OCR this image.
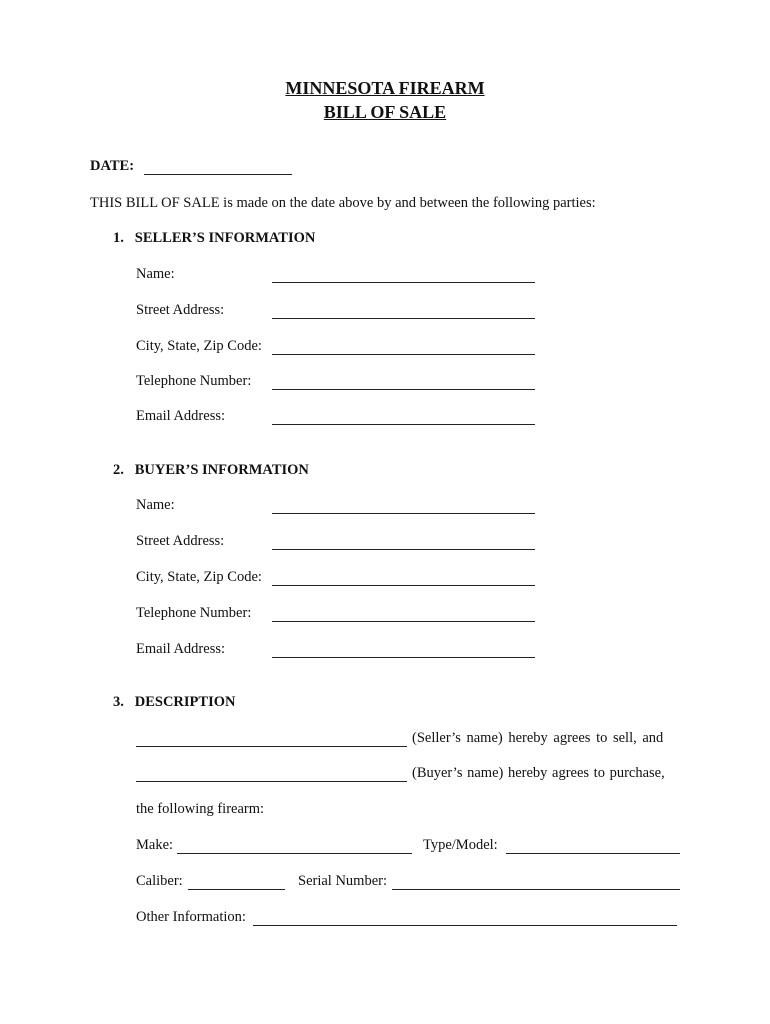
MINNESOTA FIREARM
BILL OF SALE
DATE:
THIS BILL OF SALE is made on the date above by and between the following parties:
1.   SELLER’S INFORMATION
Name:
Street Address:
City, State, Zip Code:
Telephone Number:
Email Address:
2.   BUYER’S INFORMATION
Name:
Street Address:
City, State, Zip Code:
Telephone Number:
Email Address:
3.   DESCRIPTION
(Seller’s name) hereby agrees to sell, and
(Buyer’s name) hereby agrees to purchase,
the following firearm:
Make:	Type/Model:
Caliber:	Serial Number:
Other Information:
